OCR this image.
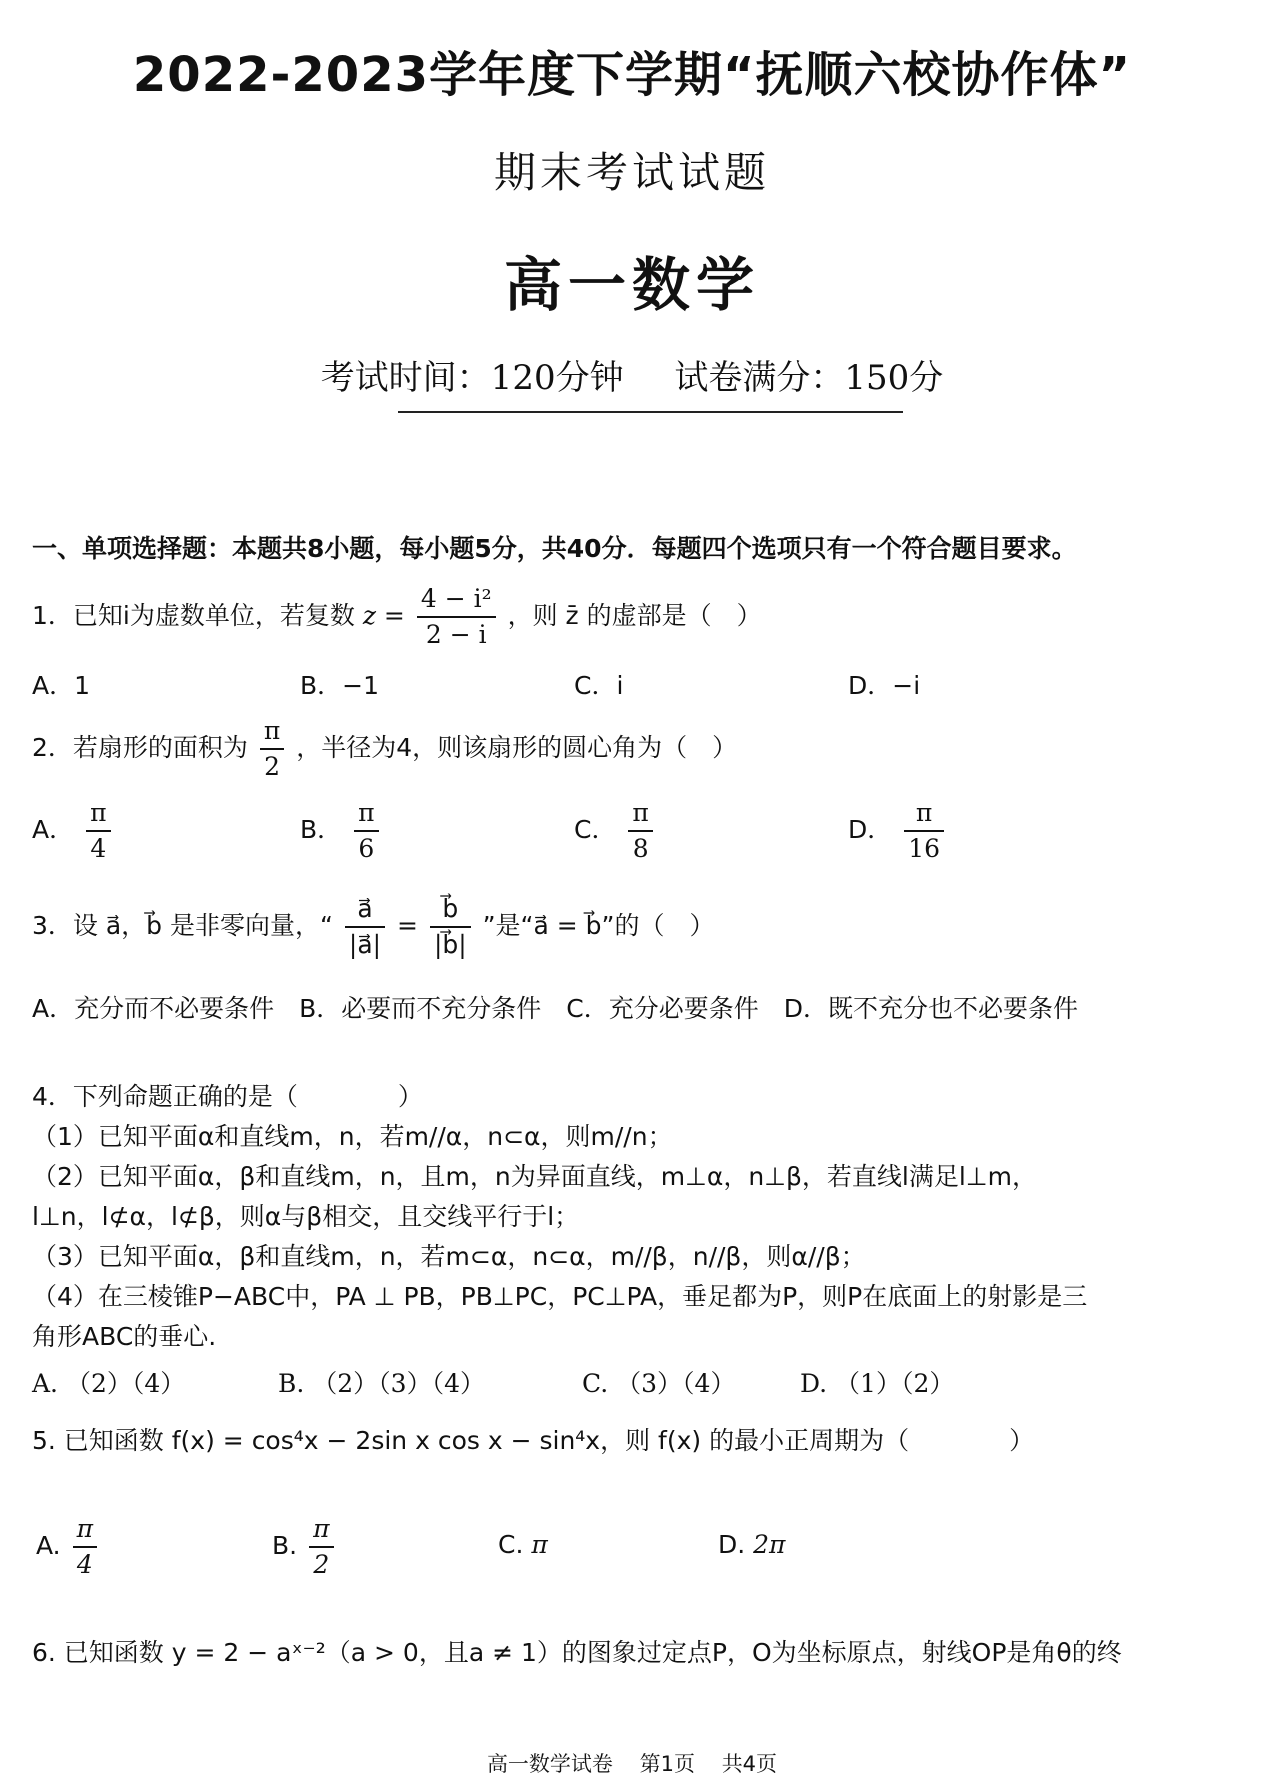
2022-2023学年度下学期“抚顺六校协作体”
期末考试试题
高一数学
考试时间：120分钟 试卷满分：150分
一、单项选择题：本题共8小题，每小题5分，共40分．每题四个选项只有一个符合题目要求。
1．已知i为虚数单位，若复数 $z = \frac{\text{4 − i²}}{2 - i}$ ，则 z̄ 的虚部是（　）
A．1	B．−1	C．i	D．−i
2．若扇形的面积为 $\frac{\pi}{2}$ ，半径为4，则该扇形的圆心角为（　）
A． $\frac{\pi}{4}$	B． $\frac{\pi}{6}$	C． $\frac{\pi}{8}$	D． $\frac{\pi}{16}$
3．设 a⃗，b⃗ 是非零向量，“ $\frac{a⃗}{|a⃗|} = \frac{b⃗}{|b⃗|}$ ”是“a⃗ = b⃗”的（　）
A．充分而不必要条件　B．必要而不充分条件　C．充分必要条件　D．既不充分也不必要条件
4．下列命题正确的是（　　　　）
（1）已知平面α和直线m，n，若m//α，n⊂α，则m//n；
（2）已知平面α，β和直线m，n，且m，n为异面直线，m⊥α，n⊥β，若直线l满足l⊥m，
l⊥n，l⊄α，l⊄β，则α与β相交，且交线平行于l；
（3）已知平面α，β和直线m，n，若m⊂α，n⊂α，m//β，n//β，则α//β；
（4）在三棱锥P−ABC中，PA ⊥ PB，PB⊥PC，PC⊥PA，垂足都为P，则P在底面上的射影是三
角形ABC的垂心.
A. （2）（4）	B. （2）（3）（4）	C. （3）（4）	D. （1）（2）
5. 已知函数 f(x) = cos⁴x − 2sin x cos x − sin⁴x，则 f(x) 的最小正周期为（　　　　）
A. $\frac{\pi}{4}$	B. $\frac{\pi}{2}$	C. π	D. 2π
6. 已知函数 y = 2 − aˣ⁻²（a > 0，且a ≠ 1）的图象过定点P，O为坐标原点，射线OP是角θ的终
高一数学试卷 第1页 共4页
